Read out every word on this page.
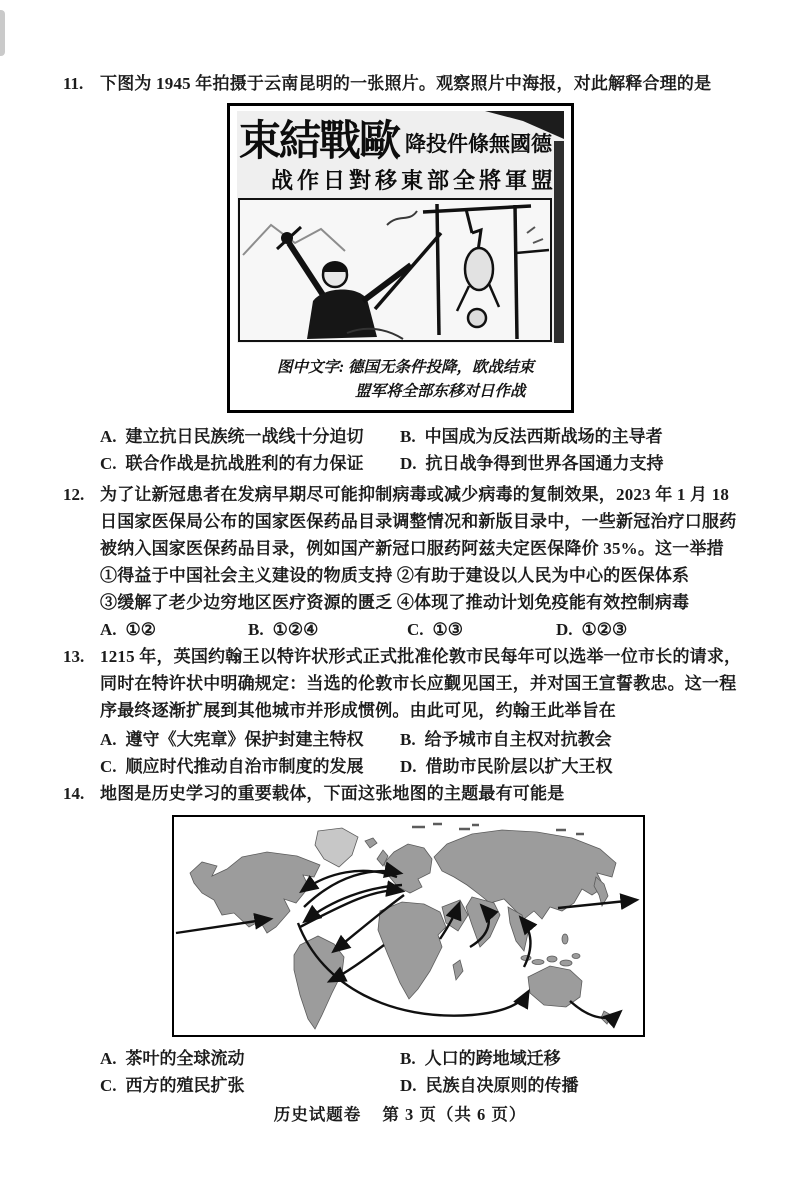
11. 下图为 1945 年拍摄于云南昆明的一张照片。观察照片中海报，对此解释合理的是
束結戰歐 降投件條無國德
战作日對移東部全將軍盟
图中文字: 德国无条件投降，欧战结束
盟军将全部东移对日作战
A. 建立抗日民族统一战线十分迫切	B. 中国成为反法西斯战场的主导者
C. 联合作战是抗战胜利的有力保证	D. 抗日战争得到世界各国通力支持
12. 为了让新冠患者在发病早期尽可能抑制病毒或减少病毒的复制效果，2023 年 1 月 18
日国家医保局公布的国家医保药品目录调整情况和新版目录中，一些新冠治疗口服药
被纳入国家医保药品目录，例如国产新冠口服药阿兹夫定医保降价 35%。这一举措
①得益于中国社会主义建设的物质支持 ②有助于建设以人民为中心的医保体系
③缓解了老少边穷地区医疗资源的匮乏 ④体现了推动计划免疫能有效控制病毒
A. ①②	B. ①②④	C. ①③	D. ①②③
13. 1215 年，英国约翰王以特许状形式正式批准伦敦市民每年可以选举一位市长的请求，
同时在特许状中明确规定：当选的伦敦市长应觐见国王，并对国王宣誓教忠。这一程
序最终逐渐扩展到其他城市并形成惯例。由此可见，约翰王此举旨在
A. 遵守《大宪章》保护封建主特权	B. 给予城市自主权对抗教会
C. 顺应时代推动自治市制度的发展	D. 借助市民阶层以扩大王权
14. 地图是历史学习的重要载体，下面这张地图的主题最有可能是
A. 茶叶的全球流动	B. 人口的跨地域迁移
C. 西方的殖民扩张	D. 民族自决原则的传播
历史试题卷 第 3 页（共 6 页）
